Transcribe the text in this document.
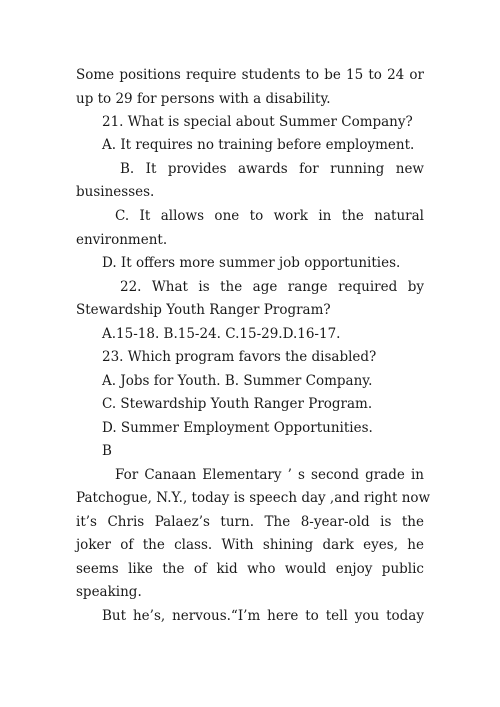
Some positions require students to be 15 to 24 or
up to 29 for persons with a disability.
21. What is special about Summer Company?
A. It requires no training before employment.
B. It provides awards for running new
businesses.
C. It allows one to work in the natural
environment.
D. It offers more summer job opportunities.
22. What is the age range required by
Stewardship Youth Ranger Program?
A.15-18. B.15-24. C.15-29.D.16-17.
23. Which program favors the disabled?
A. Jobs for Youth. B. Summer Company.
C. Stewardship Youth Ranger Program.
D. Summer Employment Opportunities.
B
For Canaan Elementary ’ s second grade in
Patchogue, N.Y., today is speech day ,and right now
it’s Chris Palaez’s turn. The 8-year-old is the
joker of the class. With shining dark eyes, he
seems like the of kid who would enjoy public
speaking.
But he’s, nervous.“I’m here to tell you today
